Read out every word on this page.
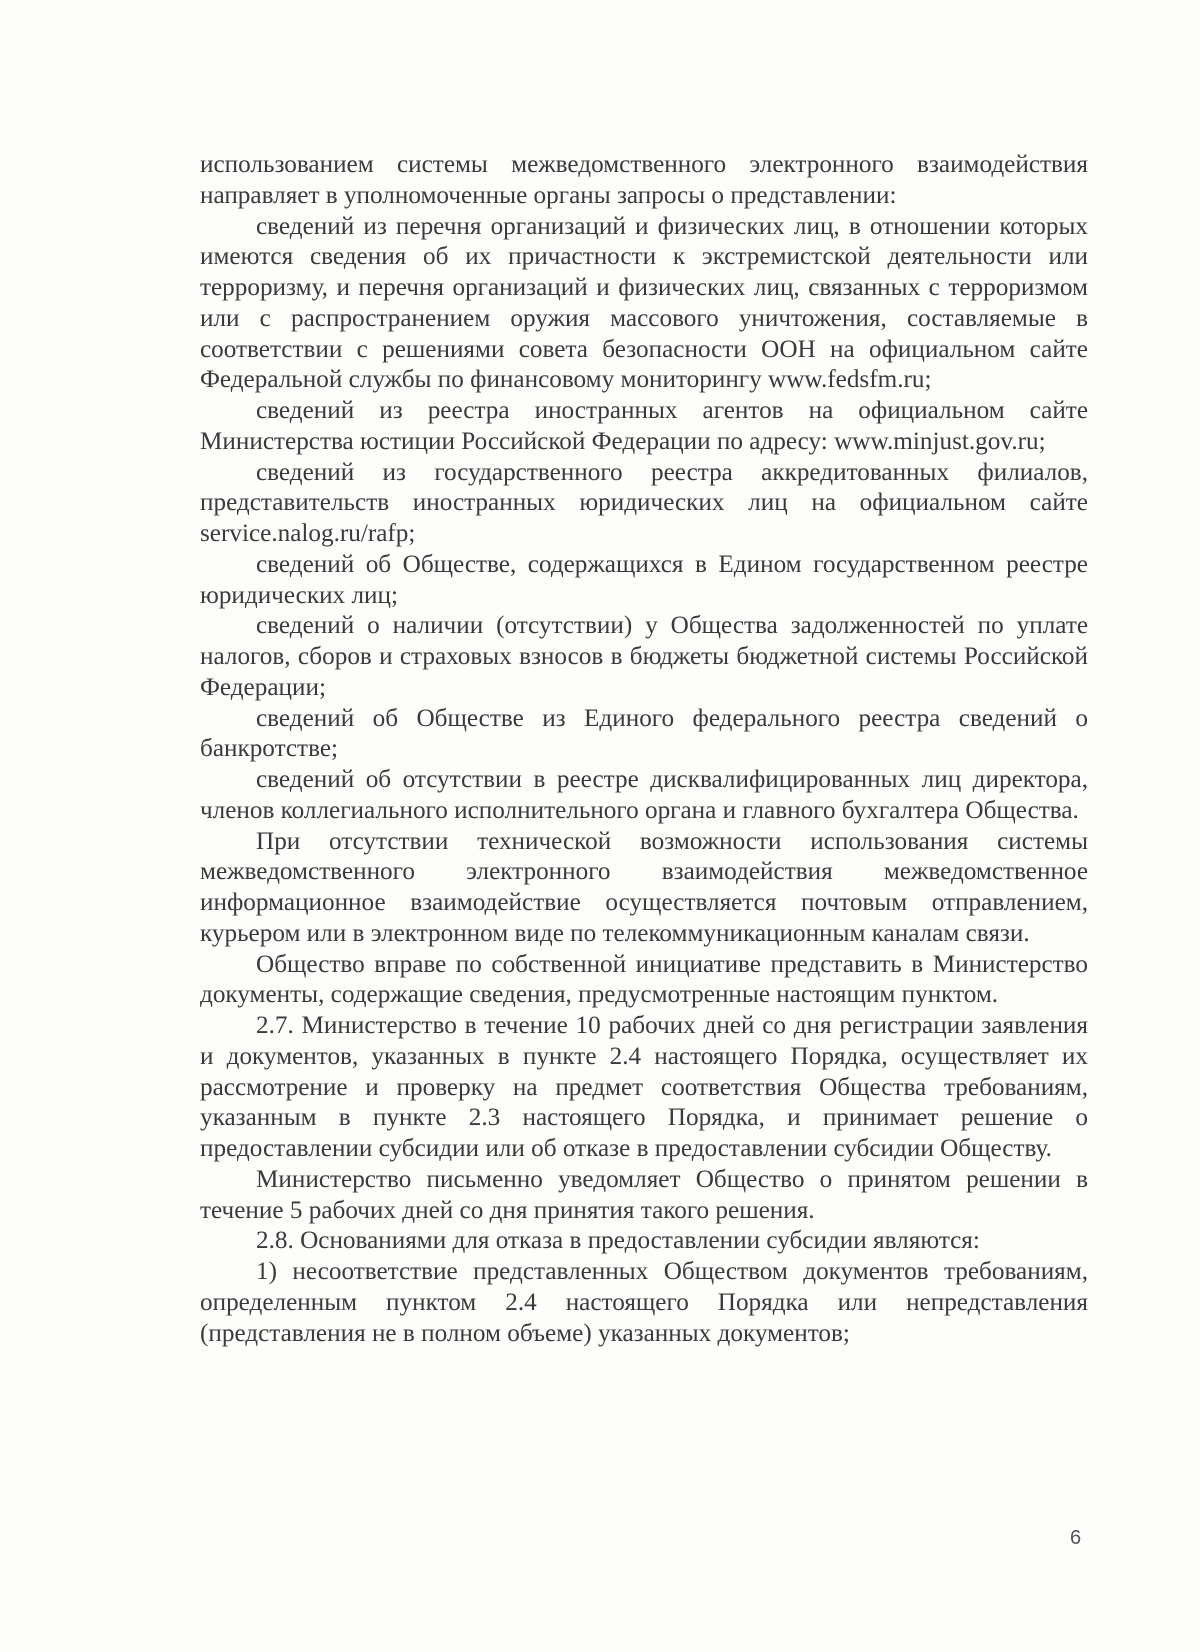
использованием системы межведомственного электронного взаимодействия направляет в уполномоченные органы запросы о представлении:

сведений из перечня организаций и физических лиц, в отношении которых имеются сведения об их причастности к экстремистской деятельности или терроризму, и перечня организаций и физических лиц, связанных с терроризмом или с распространением оружия массового уничтожения, составляемые в соответствии с решениями совета безопасности ООН на официальном сайте Федеральной службы по финансовому мониторингу www.fedsfm.ru;

сведений из реестра иностранных агентов на официальном сайте Министерства юстиции Российской Федерации по адресу: www.minjust.gov.ru;

сведений из государственного реестра аккредитованных филиалов, представительств иностранных юридических лиц на официальном сайте service.nalog.ru/rafp;

сведений об Обществе, содержащихся в Едином государственном реестре юридических лиц;

сведений о наличии (отсутствии) у Общества задолженностей по уплате налогов, сборов и страховых взносов в бюджеты бюджетной системы Российской Федерации;

сведений об Обществе из Единого федерального реестра сведений о банкротстве;

сведений об отсутствии в реестре дисквалифицированных лиц директора, членов коллегиального исполнительного органа и главного бухгалтера Общества.

При отсутствии технической возможности использования системы межведомственного электронного взаимодействия межведомственное информационное взаимодействие осуществляется почтовым отправлением, курьером или в электронном виде по телекоммуникационным каналам связи.

Общество вправе по собственной инициативе представить в Министерство документы, содержащие сведения, предусмотренные настоящим пунктом.

2.7. Министерство в течение 10 рабочих дней со дня регистрации заявления и документов, указанных в пункте 2.4 настоящего Порядка, осуществляет их рассмотрение и проверку на предмет соответствия Общества требованиям, указанным в пункте 2.3 настоящего Порядка, и принимает решение о предоставлении субсидии или об отказе в предоставлении субсидии Обществу.

Министерство письменно уведомляет Общество о принятом решении в течение 5 рабочих дней со дня принятия такого решения.

2.8. Основаниями для отказа в предоставлении субсидии являются:

1) несоответствие представленных Обществом документов требованиям, определенным пунктом 2.4 настоящего Порядка или непредставления (представления не в полном объеме) указанных документов;

6
